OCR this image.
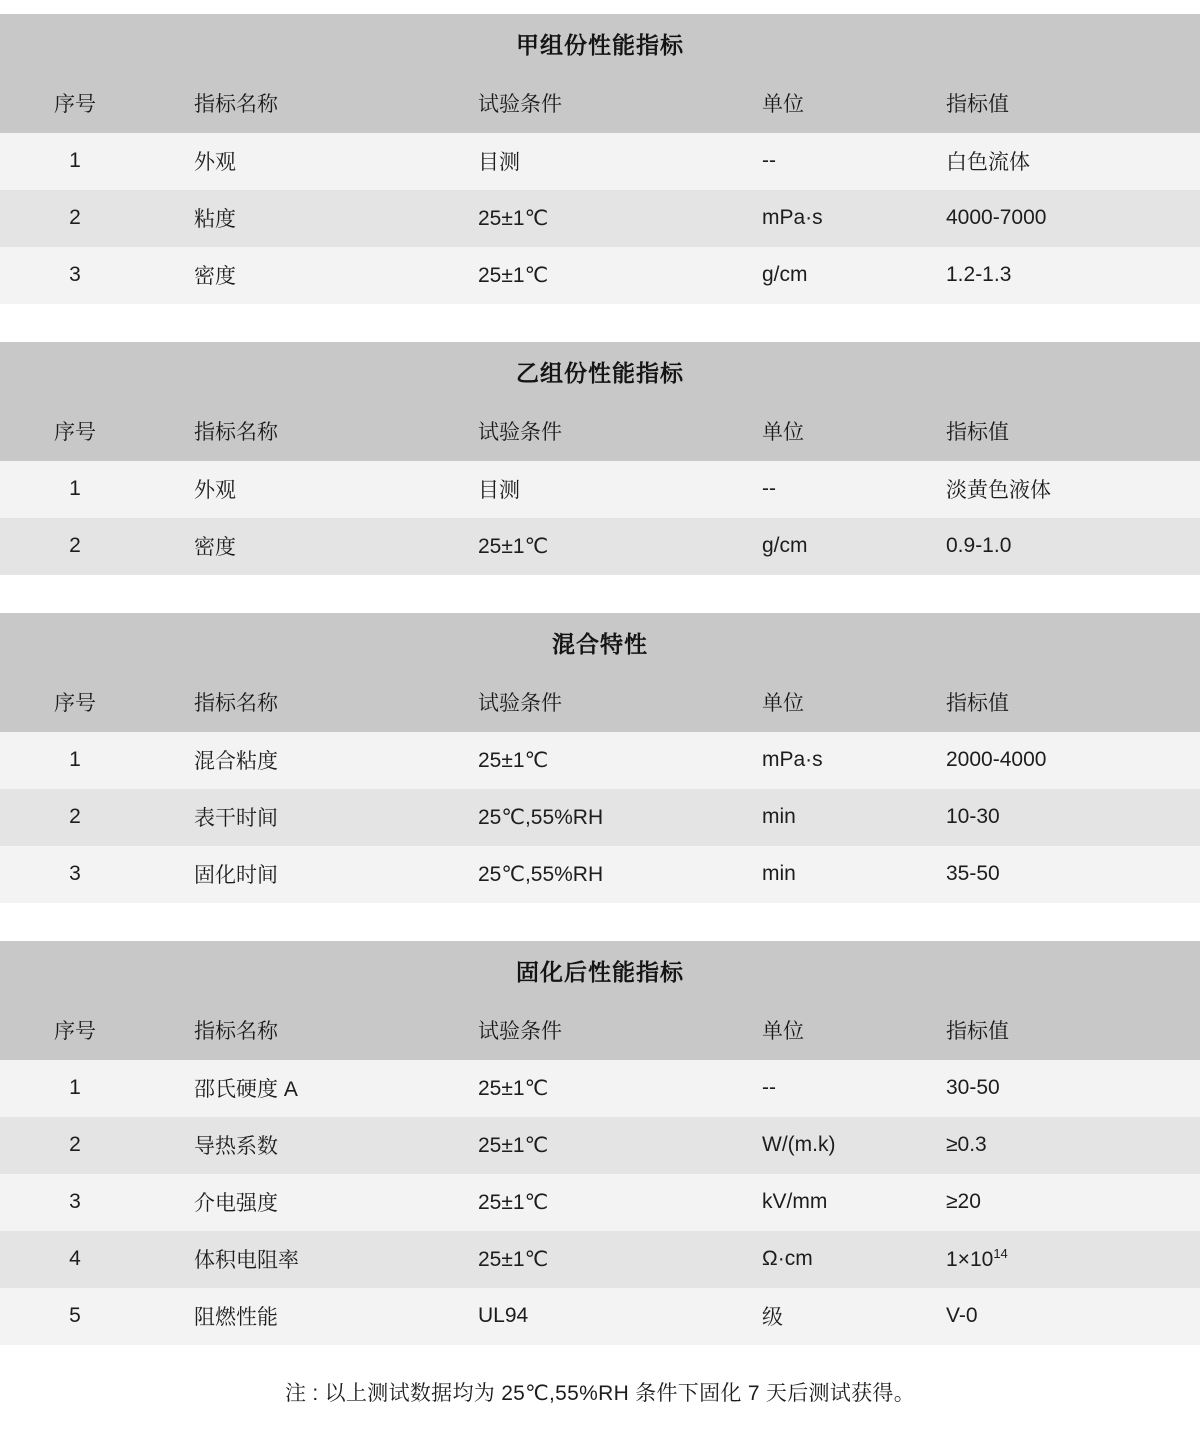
甲组份性能指标				
序号	指标名称	试验条件	单位	指标值
1	外观	目测	--	白色流体
2	粘度	25±1℃	mPa·s	4000-7000
3	密度	25±1℃	g/cm	1.2-1.3
乙组份性能指标				
序号	指标名称	试验条件	单位	指标值
1	外观	目测	--	淡黄色液体
2	密度	25±1℃	g/cm	0.9-1.0
混合特性				
序号	指标名称	试验条件	单位	指标值
1	混合粘度	25±1℃	mPa·s	2000-4000
2	表干时间	25℃,55%RH	min	10-30
3	固化时间	25℃,55%RH	min	35-50
固化后性能指标				
序号	指标名称	试验条件	单位	指标值
1	邵氏硬度 A	25±1℃	--	30-50
2	导热系数	25±1℃	W/(m.k)	≥0.3
3	介电强度	25±1℃	kV/mm	≥20
4	体积电阻率	25±1℃	Ω·cm	$1\times 10^{14}$
5	阻燃性能	UL94	级	V-0
注 : 以上测试数据均为 25℃,55%RH 条件下固化 7 天后测试获得。
